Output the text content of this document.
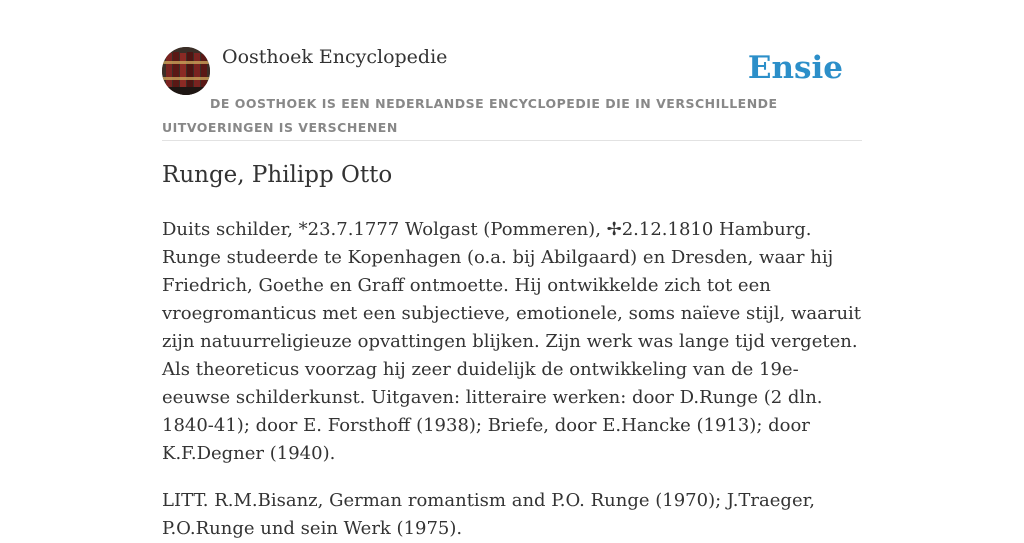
Oosthoek Encyclopedie	Ensie
DE OOSTHOEK IS EEN NEDERLANDSE ENCYCLOPEDIE DIE IN VERSCHILLENDE UITVOERINGEN IS VERSCHENEN
Runge, Philipp Otto

Duits schilder, *23.7.1777 Wolgast (Pommeren), ✢2.12.1810 Hamburg. Runge studeerde te Kopenhagen (o.a. bij Abilgaard) en Dresden, waar hij Friedrich, Goethe en Graff ontmoette. Hij ontwikkelde zich tot een vroegromanticus met een subjectieve, emotionele, soms naïeve stijl, waaruit zijn natuurreligieuze opvattingen blijken. Zijn werk was lange tijd vergeten. Als theoreticus voorzag hij zeer duidelijk de ontwikkeling van de 19e-eeuwse schilderkunst. Uitgaven: litteraire werken: door D.Runge (2 dln. 1840-41); door E. Forsthoff (1938); Briefe, door E.Hancke (1913); door K.F.Degner (1940).

LITT. R.M.Bisanz, German romantism and P.O. Runge (1970); J.Traeger, P.O.Runge und sein Werk (1975).
